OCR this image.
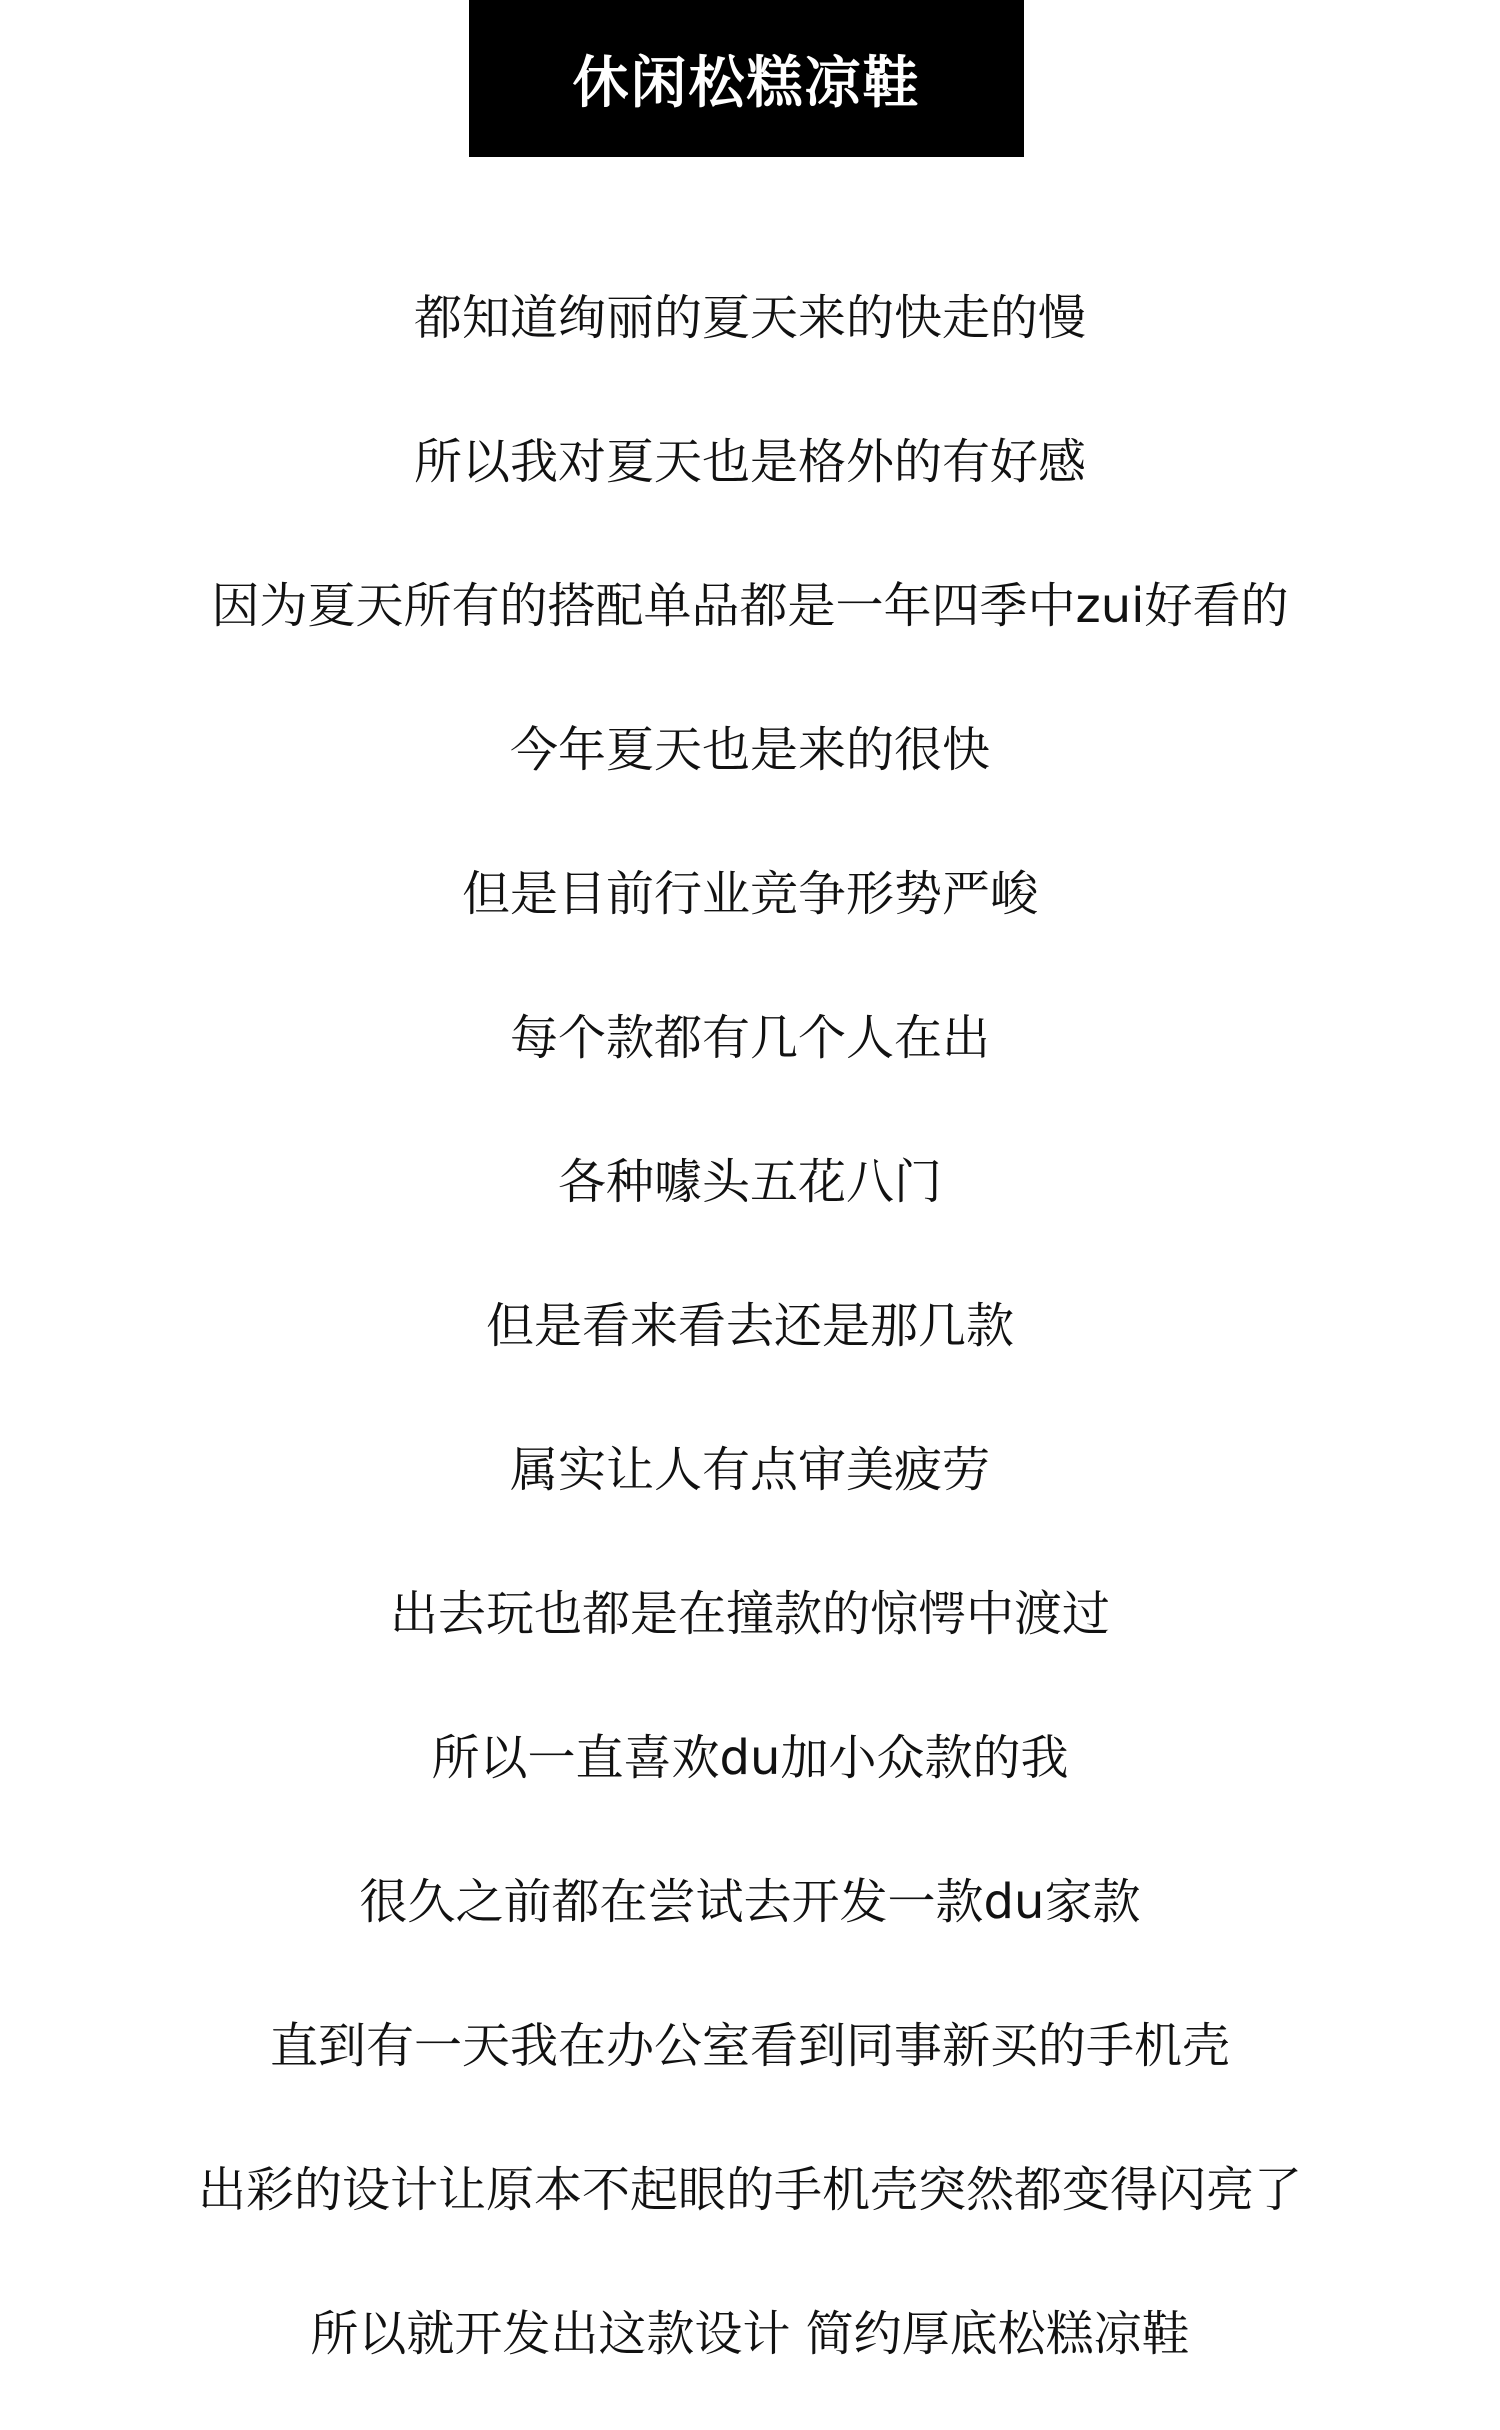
休闲松糕凉鞋
都知道绚丽的夏天来的快走的慢
所以我对夏天也是格外的有好感
因为夏天所有的搭配单品都是一年四季中zui好看的
今年夏天也是来的很快
但是目前行业竞争形势严峻
每个款都有几个人在出
各种噱头五花八门
但是看来看去还是那几款
属实让人有点审美疲劳
出去玩也都是在撞款的惊愕中渡过
所以一直喜欢du加小众款的我
很久之前都在尝试去开发一款du家款
直到有一天我在办公室看到同事新买的手机壳
出彩的设计让原本不起眼的手机壳突然都变得闪亮了
所以就开发出这款设计 简约厚底松糕凉鞋
